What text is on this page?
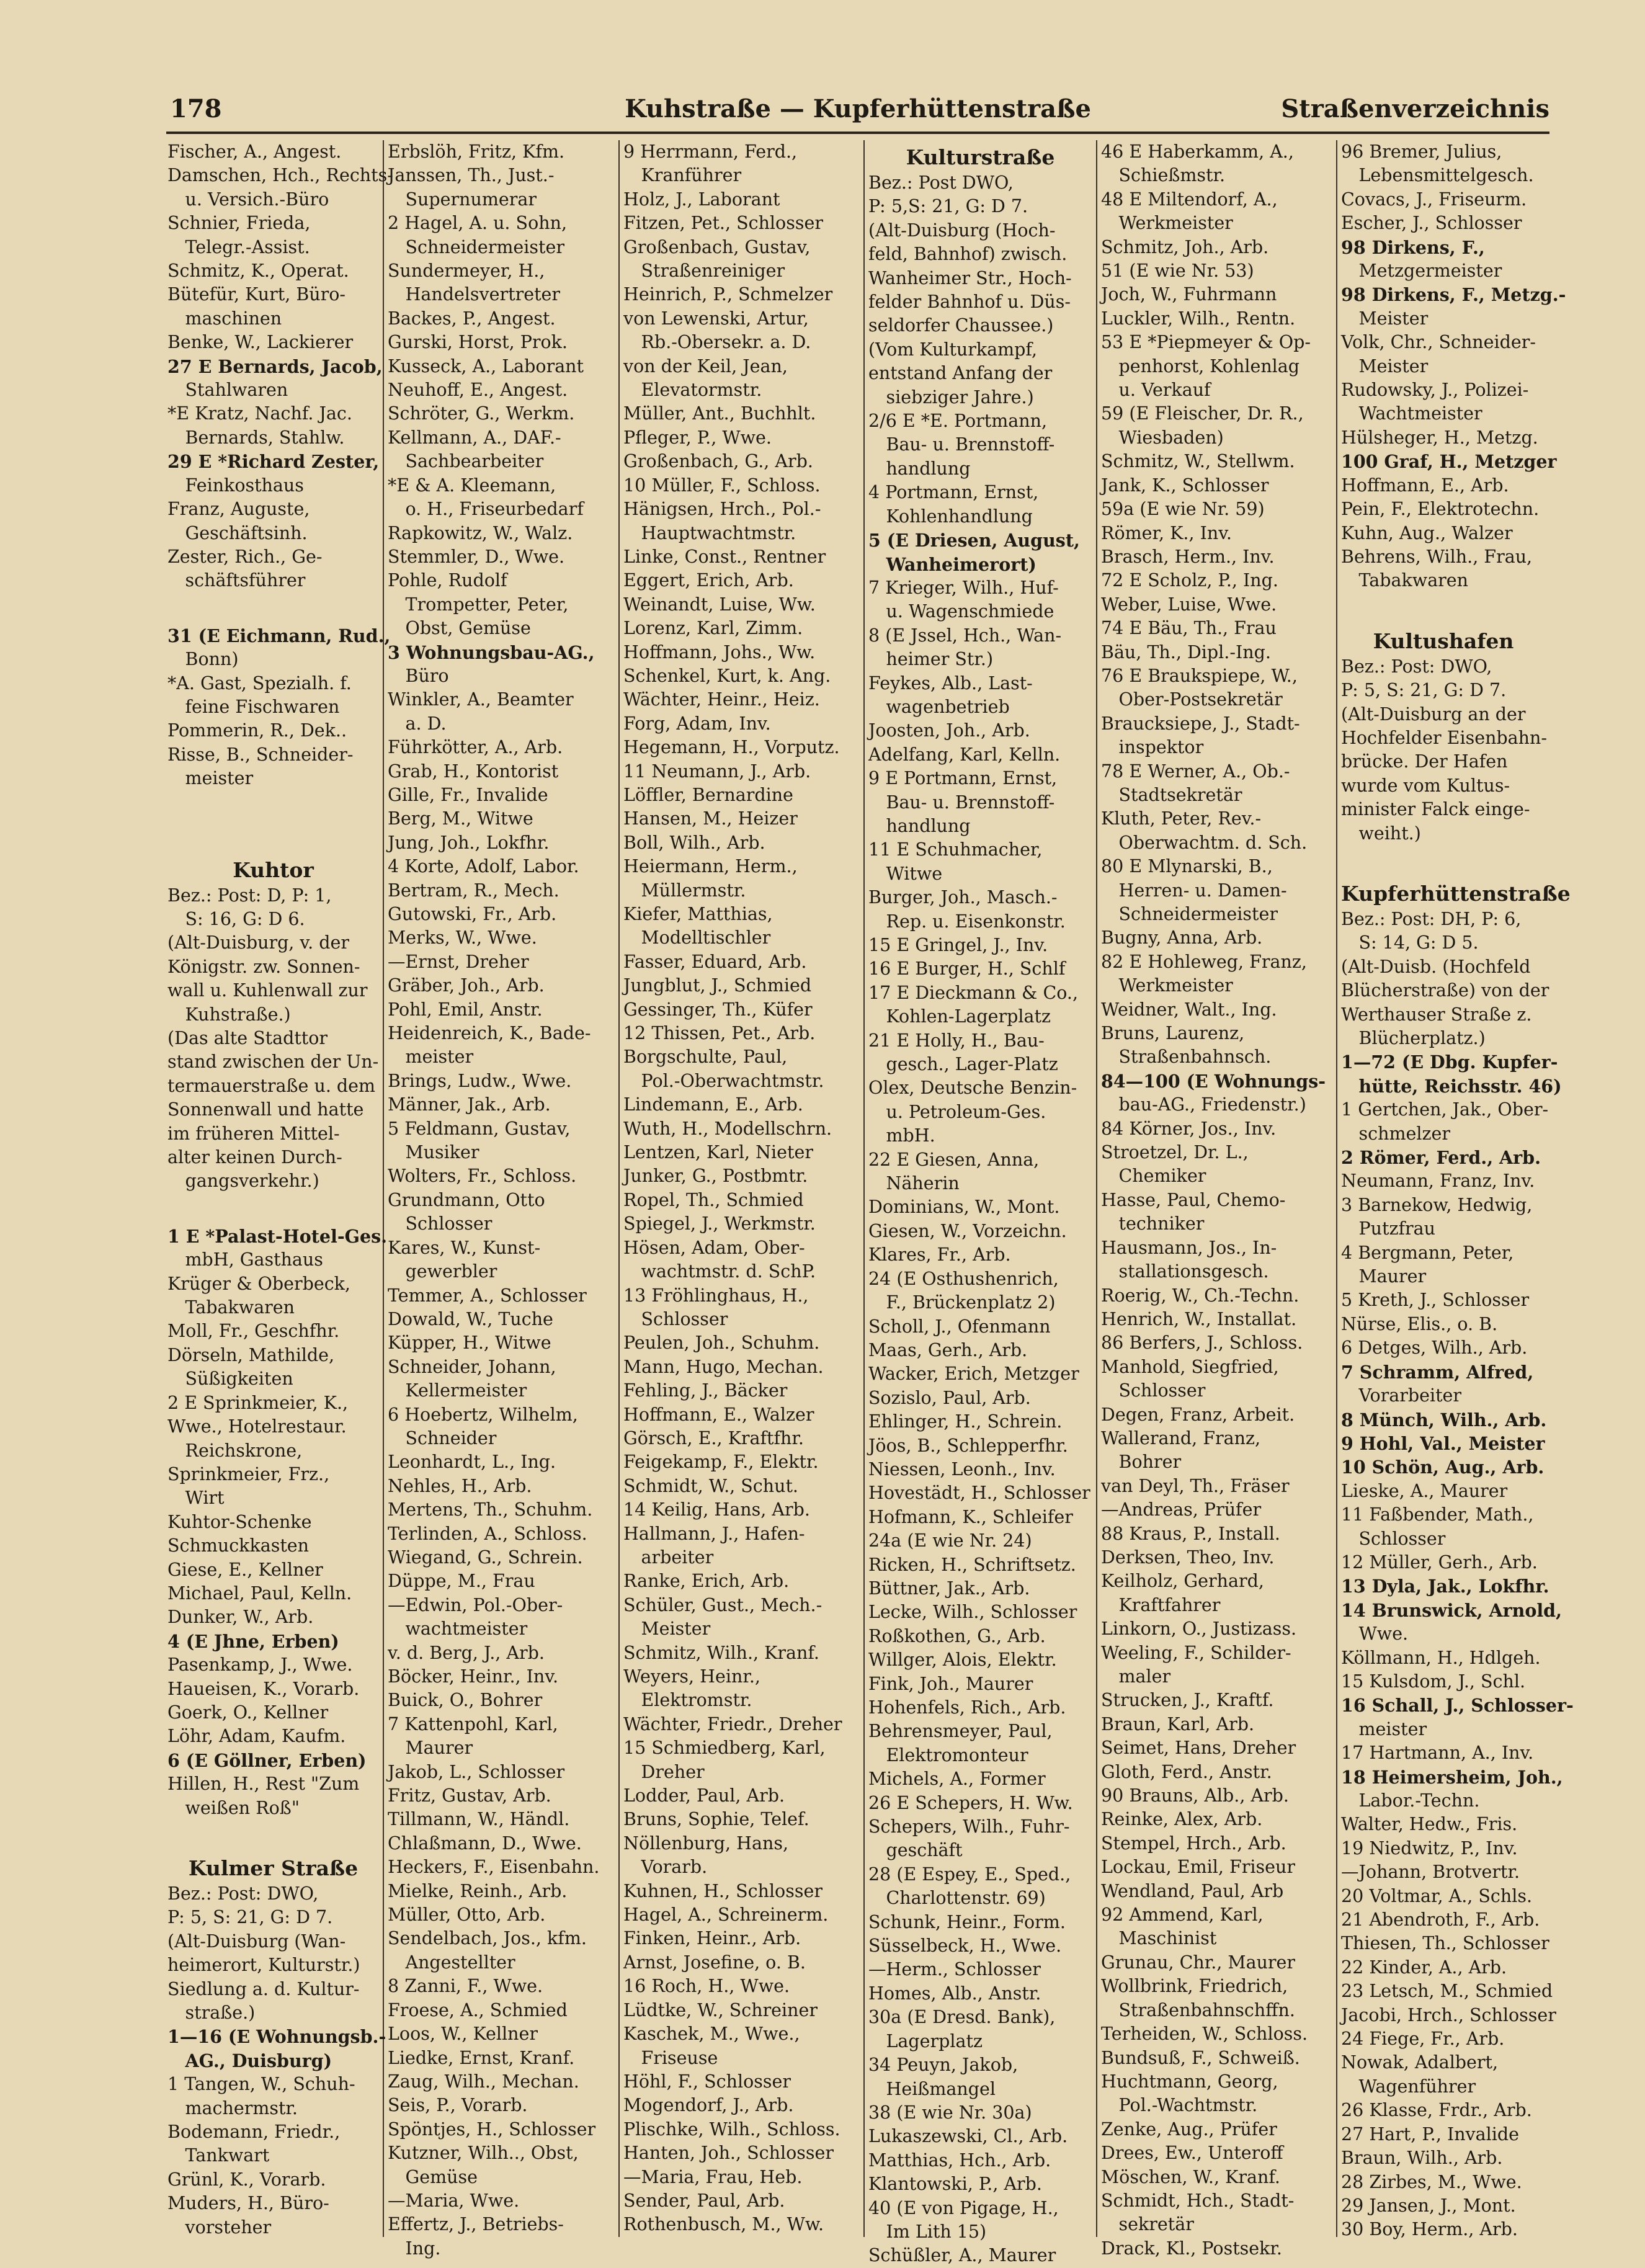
178	Kuhstraße — Kupferhüttenstraße	Straßenverzeichnis
Fischer, A., Angest.
Damschen, Hch., Rechts-
 u. Versich.-Büro
Schnier, Frieda,
 Telegr.-Assist.
Schmitz, K., Operat.
Bütefür, Kurt, Büro-
 maschinen
Benke, W., Lackierer
27 E Bernards, Jacob,
 Stahlwaren
*E Kratz, Nachf. Jac.
 Bernards, Stahlw.
29 E *Richard Zester,
 Feinkosthaus
Franz, Auguste,
 Geschäftsinh.
Zester, Rich., Ge-
 schäftsführer
31 (E Eichmann, Rud.,
 Bonn)
*A. Gast, Spezialh. f.
 feine Fischwaren
Pommerin, R., Dek..
Risse, B., Schneider-
 meister
Kuhtor
Bez.: Post: D, P: 1,
 S: 16, G: D 6.
(Alt-Duisburg, v. der
Königstr. zw. Sonnen-
wall u. Kuhlenwall zur
 Kuhstraße.)
(Das alte Stadttor
stand zwischen der Un-
termauerstraße u. dem
Sonnenwall und hatte
im früheren Mittel-
alter keinen Durch-
 gangsverkehr.)
1 E *Palast-Hotel-Ges.
 mbH, Gasthaus
Krüger & Oberbeck,
 Tabakwaren
Moll, Fr., Geschfhr.
Dörseln, Mathilde,
 Süßigkeiten
2 E Sprinkmeier, K.,
Wwe., Hotelrestaur.
 Reichskrone,
Sprinkmeier, Frz.,
 Wirt
Kuhtor-Schenke
Schmuckkasten
Giese, E., Kellner
Michael, Paul, Kelln.
Dunker, W., Arb.
4 (E Jhne, Erben)
Pasenkamp, J., Wwe.
Haueisen, K., Vorarb.
Goerk, O., Kellner
Löhr, Adam, Kaufm.
6 (E Göllner, Erben)
Hillen, H., Rest "Zum
 weißen Roß"
Kulmer Straße
Bez.: Post: DWO,
P: 5, S: 21, G: D 7.
(Alt-Duisburg (Wan-
heimerort, Kulturstr.)
Siedlung a. d. Kultur-
 straße.)
1—16 (E Wohnungsb.-
 AG., Duisburg)
1 Tangen, W., Schuh-
 machermstr.
Bodemann, Friedr.,
 Tankwart
Grünl, K., Vorarb.
Muders, H., Büro-
 vorsteher
Erbslöh, Fritz, Kfm.
Janssen, Th., Just.-
 Supernumerar
2 Hagel, A. u. Sohn,
 Schneidermeister
Sundermeyer, H.,
 Handelsvertreter
Backes, P., Angest.
Gurski, Horst, Prok.
Kusseck, A., Laborant
Neuhoff, E., Angest.
Schröter, G., Werkm.
Kellmann, A., DAF.-
 Sachbearbeiter
*E & A. Kleemann,
 o. H., Friseurbedarf
Rapkowitz, W., Walz.
Stemmler, D., Wwe.
Pohle, Rudolf
 Trompetter, Peter,
 Obst, Gemüse
3 Wohnungsbau-AG.,
 Büro
Winkler, A., Beamter
 a. D.
Führkötter, A., Arb.
Grab, H., Kontorist
Gille, Fr., Invalide
Berg, M., Witwe
Jung, Joh., Lokfhr.
4 Korte, Adolf, Labor.
Bertram, R., Mech.
Gutowski, Fr., Arb.
Merks, W., Wwe.
—Ernst, Dreher
Gräber, Joh., Arb.
Pohl, Emil, Anstr.
Heidenreich, K., Bade-
 meister
Brings, Ludw., Wwe.
Männer, Jak., Arb.
5 Feldmann, Gustav,
 Musiker
Wolters, Fr., Schloss.
Grundmann, Otto
 Schlosser
Kares, W., Kunst-
 gewerbler
Temmer, A., Schlosser
Dowald, W., Tuche
Küpper, H., Witwe
Schneider, Johann,
 Kellermeister
6 Hoebertz, Wilhelm,
 Schneider
Leonhardt, L., Ing.
Nehles, H., Arb.
Mertens, Th., Schuhm.
Terlinden, A., Schloss.
Wiegand, G., Schrein.
Düppe, M., Frau
—Edwin, Pol.-Ober-
 wachtmeister
v. d. Berg, J., Arb.
Böcker, Heinr., Inv.
Buick, O., Bohrer
7 Kattenpohl, Karl,
 Maurer
Jakob, L., Schlosser
Fritz, Gustav, Arb.
Tillmann, W., Händl.
Chlaßmann, D., Wwe.
Heckers, F., Eisenbahn.
Mielke, Reinh., Arb.
Müller, Otto, Arb.
Sendelbach, Jos., kfm.
 Angestellter
8 Zanni, F., Wwe.
Froese, A., Schmied
Loos, W., Kellner
Liedke, Ernst, Kranf.
Zaug, Wilh., Mechan.
Seis, P., Vorarb.
Spöntjes, H., Schlosser
Kutzner, Wilh.., Obst,
 Gemüse
—Maria, Wwe.
Effertz, J., Betriebs-
 Ing.
9 Herrmann, Ferd.,
 Kranführer
Holz, J., Laborant
Fitzen, Pet., Schlosser
Großenbach, Gustav,
 Straßenreiniger
Heinrich, P., Schmelzer
von Lewenski, Artur,
 Rb.-Obersekr. a. D.
von der Keil, Jean,
 Elevatormstr.
Müller, Ant., Buchhlt.
Pfleger, P., Wwe.
Großenbach, G., Arb.
10 Müller, F., Schloss.
Hänigsen, Hrch., Pol.-
 Hauptwachtmstr.
Linke, Const., Rentner
Eggert, Erich, Arb.
Weinandt, Luise, Ww.
Lorenz, Karl, Zimm.
Hoffmann, Johs., Ww.
Schenkel, Kurt, k. Ang.
Wächter, Heinr., Heiz.
Forg, Adam, Inv.
Hegemann, H., Vorputz.
11 Neumann, J., Arb.
Löffler, Bernardine
Hansen, M., Heizer
Boll, Wilh., Arb.
Heiermann, Herm.,
 Müllermstr.
Kiefer, Matthias,
 Modelltischler
Fasser, Eduard, Arb.
Jungblut, J., Schmied
Gessinger, Th., Küfer
12 Thissen, Pet., Arb.
Borgschulte, Paul,
 Pol.-Oberwachtmstr.
Lindemann, E., Arb.
Wuth, H., Modellschrn.
Lentzen, Karl, Nieter
Junker, G., Postbmtr.
Ropel, Th., Schmied
Spiegel, J., Werkmstr.
Hösen, Adam, Ober-
 wachtmstr. d. SchP.
13 Fröhlinghaus, H.,
 Schlosser
Peulen, Joh., Schuhm.
Mann, Hugo, Mechan.
Fehling, J., Bäcker
Hoffmann, E., Walzer
Görsch, E., Kraftfhr.
Feigekamp, F., Elektr.
Schmidt, W., Schut.
14 Keilig, Hans, Arb.
Hallmann, J., Hafen-
 arbeiter
Ranke, Erich, Arb.
Schüler, Gust., Mech.-
 Meister
Schmitz, Wilh., Kranf.
Weyers, Heinr.,
 Elektromstr.
Wächter, Friedr., Dreher
15 Schmiedberg, Karl,
 Dreher
Lodder, Paul, Arb.
Bruns, Sophie, Telef.
Nöllenburg, Hans,
 Vorarb.
Kuhnen, H., Schlosser
Hagel, A., Schreinerm.
Finken, Heinr., Arb.
Arnst, Josefine, o. B.
16 Roch, H., Wwe.
Lüdtke, W., Schreiner
Kaschek, M., Wwe.,
 Friseuse
Höhl, F., Schlosser
Mogendorf, J., Arb.
Plischke, Wilh., Schloss.
Hanten, Joh., Schlosser
—Maria, Frau, Heb.
Sender, Paul, Arb.
Rothenbusch, M., Ww.
Kulturstraße
Bez.: Post DWO,
P: 5,S: 21, G: D 7.
(Alt-Duisburg (Hoch-
feld, Bahnhof) zwisch.
Wanheimer Str., Hoch-
felder Bahnhof u. Düs-
seldorfer Chaussee.)
(Vom Kulturkampf,
entstand Anfang der
 siebziger Jahre.)
2/6 E *E. Portmann,
 Bau- u. Brennstoff-
 handlung
4 Portmann, Ernst,
 Kohlenhandlung
5 (E Driesen, August,
 Wanheimerort)
7 Krieger, Wilh., Huf-
 u. Wagenschmiede
8 (E Jssel, Hch., Wan-
 heimer Str.)
Feykes, Alb., Last-
 wagenbetrieb
Joosten, Joh., Arb.
Adelfang, Karl, Kelln.
9 E Portmann, Ernst,
 Bau- u. Brennstoff-
 handlung
11 E Schuhmacher,
 Witwe
Burger, Joh., Masch.-
 Rep. u. Eisenkonstr.
15 E Gringel, J., Inv.
16 E Burger, H., Schlf
17 E Dieckmann & Co.,
 Kohlen-Lagerplatz
21 E Holly, H., Bau-
 gesch., Lager-Platz
Olex, Deutsche Benzin-
 u. Petroleum-Ges.
 mbH.
22 E Giesen, Anna,
 Näherin
Dominians, W., Mont.
Giesen, W., Vorzeichn.
Klares, Fr., Arb.
24 (E Osthushenrich,
 F., Brückenplatz 2)
Scholl, J., Ofenmann
Maas, Gerh., Arb.
Wacker, Erich, Metzger
Sozislo, Paul, Arb.
Ehlinger, H., Schrein.
Jöos, B., Schlepperfhr.
Niessen, Leonh., Inv.
Hovestädt, H., Schlosser
Hofmann, K., Schleifer
24a (E wie Nr. 24)
Ricken, H., Schriftsetz.
Büttner, Jak., Arb.
Lecke, Wilh., Schlosser
Roßkothen, G., Arb.
Willger, Alois, Elektr.
Fink, Joh., Maurer
Hohenfels, Rich., Arb.
Behrensmeyer, Paul,
 Elektromonteur
Michels, A., Former
26 E Schepers, H. Ww.
Schepers, Wilh., Fuhr-
 geschäft
28 (E Espey, E., Sped.,
 Charlottenstr. 69)
Schunk, Heinr., Form.
Süsselbeck, H., Wwe.
—Herm., Schlosser
Homes, Alb., Anstr.
30a (E Dresd. Bank),
 Lagerplatz
34 Peuyn, Jakob,
 Heißmangel
38 (E wie Nr. 30a)
Lukaszewski, Cl., Arb.
Matthias, Hch., Arb.
Klantowski, P., Arb.
40 (E von Pigage, H.,
 Im Lith 15)
Schüßler, A., Maurer
46 E Haberkamm, A.,
 Schießmstr.
48 E Miltendorf, A.,
 Werkmeister
Schmitz, Joh., Arb.
51 (E wie Nr. 53)
Joch, W., Fuhrmann
Luckler, Wilh., Rentn.
53 E *Piepmeyer & Op-
 penhorst, Kohlenlag
 u. Verkauf
59 (E Fleischer, Dr. R.,
 Wiesbaden)
Schmitz, W., Stellwm.
Jank, K., Schlosser
59a (E wie Nr. 59)
Römer, K., Inv.
Brasch, Herm., Inv.
72 E Scholz, P., Ing.
Weber, Luise, Wwe.
74 E Bäu, Th., Frau
Bäu, Th., Dipl.-Ing.
76 E Braukspiepe, W.,
 Ober-Postsekretär
Braucksiepe, J., Stadt-
 inspektor
78 E Werner, A., Ob.-
 Stadtsekretär
Kluth, Peter, Rev.-
 Oberwachtm. d. Sch.
80 E Mlynarski, B.,
 Herren- u. Damen-
 Schneidermeister
Bugny, Anna, Arb.
82 E Hohleweg, Franz,
 Werkmeister
Weidner, Walt., Ing.
Bruns, Laurenz,
 Straßenbahnsch.
84—100 (E Wohnungs-
 bau-AG., Friedenstr.)
84 Körner, Jos., Inv.
Stroetzel, Dr. L.,
 Chemiker
Hasse, Paul, Chemo-
 techniker
Hausmann, Jos., In-
 stallationsgesch.
Roerig, W., Ch.-Techn.
Henrich, W., Installat.
86 Berfers, J., Schloss.
Manhold, Siegfried,
 Schlosser
Degen, Franz, Arbeit.
Wallerand, Franz,
 Bohrer
van Deyl, Th., Fräser
—Andreas, Prüfer
88 Kraus, P., Install.
Derksen, Theo, Inv.
Keilholz, Gerhard,
 Kraftfahrer
Linkorn, O., Justizass.
Weeling, F., Schilder-
 maler
Strucken, J., Kraftf.
Braun, Karl, Arb.
Seimet, Hans, Dreher
Gloth, Ferd., Anstr.
90 Brauns, Alb., Arb.
Reinke, Alex, Arb.
Stempel, Hrch., Arb.
Lockau, Emil, Friseur
Wendland, Paul, Arb
92 Ammend, Karl,
 Maschinist
Grunau, Chr., Maurer
Wollbrink, Friedrich,
 Straßenbahnschffn.
Terheiden, W., Schloss.
Bundsuß, F., Schweiß.
Huchtmann, Georg,
 Pol.-Wachtmstr.
Zenke, Aug., Prüfer
Drees, Ew., Unteroff
Möschen, W., Kranf.
Schmidt, Hch., Stadt-
 sekretär
Drack, Kl., Postsekr.
96 Bremer, Julius,
 Lebensmittelgesch.
Covacs, J., Friseurm.
Escher, J., Schlosser
98 Dirkens, F.,
 Metzgermeister
98 Dirkens, F., Metzg.-
 Meister
Volk, Chr., Schneider-
 Meister
Rudowsky, J., Polizei-
 Wachtmeister
Hülsheger, H., Metzg.
100 Graf, H., Metzger
Hoffmann, E., Arb.
Pein, F., Elektrotechn.
Kuhn, Aug., Walzer
Behrens, Wilh., Frau,
 Tabakwaren
Kultushafen
Bez.: Post: DWO,
P: 5, S: 21, G: D 7.
(Alt-Duisburg an der
Hochfelder Eisenbahn-
brücke. Der Hafen
wurde vom Kultus-
minister Falck einge-
 weiht.)
Kupferhüttenstraße
Bez.: Post: DH, P: 6,
 S: 14, G: D 5.
(Alt-Duisb. (Hochfeld
Blücherstraße) von der
Werthauser Straße z.
 Blücherplatz.)
1—72 (E Dbg. Kupfer-
 hütte, Reichsstr. 46)
1 Gertchen, Jak., Ober-
 schmelzer
2 Römer, Ferd., Arb.
Neumann, Franz, Inv.
3 Barnekow, Hedwig,
 Putzfrau
4 Bergmann, Peter,
 Maurer
5 Kreth, J., Schlosser
Nürse, Elis., o. B.
6 Detges, Wilh., Arb.
7 Schramm, Alfred,
 Vorarbeiter
8 Münch, Wilh., Arb.
9 Hohl, Val., Meister
10 Schön, Aug., Arb.
Lieske, A., Maurer
11 Faßbender, Math.,
 Schlosser
12 Müller, Gerh., Arb.
13 Dyla, Jak., Lokfhr.
14 Brunswick, Arnold,
 Wwe.
Köllmann, H., Hdlgeh.
15 Kulsdom, J., Schl.
16 Schall, J., Schlosser-
 meister
17 Hartmann, A., Inv.
18 Heimersheim, Joh.,
 Labor.-Techn.
Walter, Hedw., Fris.
19 Niedwitz, P., Inv.
—Johann, Brotvertr.
20 Voltmar, A., Schls.
21 Abendroth, F., Arb.
Thiesen, Th., Schlosser
22 Kinder, A., Arb.
23 Letsch, M., Schmied
Jacobi, Hrch., Schlosser
24 Fiege, Fr., Arb.
Nowak, Adalbert,
 Wagenführer
26 Klasse, Frdr., Arb.
27 Hart, P., Invalide
Braun, Wilh., Arb.
28 Zirbes, M., Wwe.
29 Jansen, J., Mont.
30 Boy, Herm., Arb.
